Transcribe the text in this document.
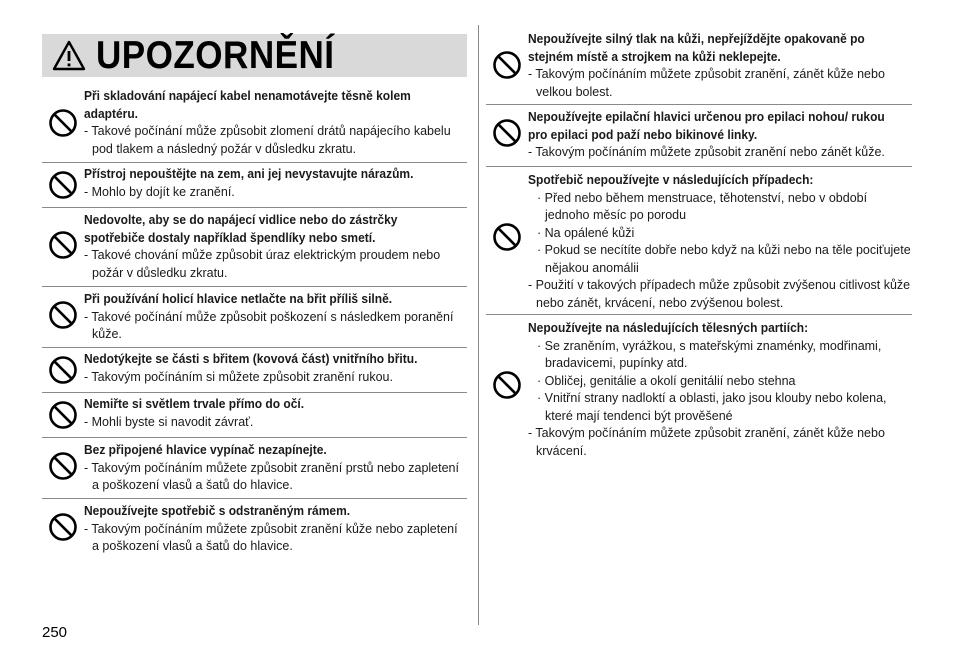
UPOZORNĚNÍ
Při skladování napájecí kabel nenamotávejte těsně kolem adaptéru.
- Takové počínání může způsobit zlomení drátů napájecího kabelu pod tlakem a následný požár v důsledku zkratu.
Přístroj nepouštějte na zem, ani jej nevystavujte nárazům.
- Mohlo by dojít ke zranění.
Nedovolte, aby se do napájecí vidlice nebo do zástrčky spotřebiče dostaly například špendlíky nebo smetí.
- Takové chování může způsobit úraz elektrickým proudem nebo požár v důsledku zkratu.
Při používání holicí hlavice netlačte na břit příliš silně.
- Takové počínání může způsobit poškození s následkem poranění kůže.
Nedotýkejte se části s břitem (kovová část) vnitřního břitu.
- Takovým počínáním si můžete způsobit zranění rukou.
Nemiřte si světlem trvale přímo do očí.
- Mohli byste si navodit závrať.
Bez připojené hlavice vypínač nezapínejte.
- Takovým počínáním můžete způsobit zranění prstů nebo zapletení a poškození vlasů a šatů do hlavice.
Nepoužívejte spotřebič s odstraněným rámem.
- Takovým počínáním můžete způsobit zranění kůže nebo zapletení a poškození vlasů a šatů do hlavice.
Nepoužívejte silný tlak na kůži, nepřejíždějte opakovaně po stejném místě a strojkem na kůži neklepejte.
- Takovým počínáním můžete způsobit zranění, zánět kůže nebo velkou bolest.
Nepoužívejte epilační hlavici určenou pro epilaci nohou/ rukou pro epilaci pod paží nebo bikinové linky.
- Takovým počínáním můžete způsobit zranění nebo zánět kůže.
Spotřebič nepoužívejte v následujících případech:
· Před nebo během menstruace, těhotenství, nebo v období jednoho měsíc po porodu
· Na opálené kůži
· Pokud se necítíte dobře nebo když na kůži nebo na těle pociťujete nějakou anomálii
- Použití v takových případech může způsobit zvýšenou citlivost kůže nebo zánět, krvácení, nebo zvýšenou bolest.
Nepoužívejte na následujících tělesných partiích:
· Se zraněním, vyrážkou, s mateřskými znaménky, modřinami, bradavicemi, pupínky atd.
· Obličej, genitálie a okolí genitálií nebo stehna
· Vnitřní strany nadloktí a oblasti, jako jsou klouby nebo kolena, které mají tendenci být prověšené
- Takovým počínáním můžete způsobit zranění, zánět kůže nebo krvácení.
250
